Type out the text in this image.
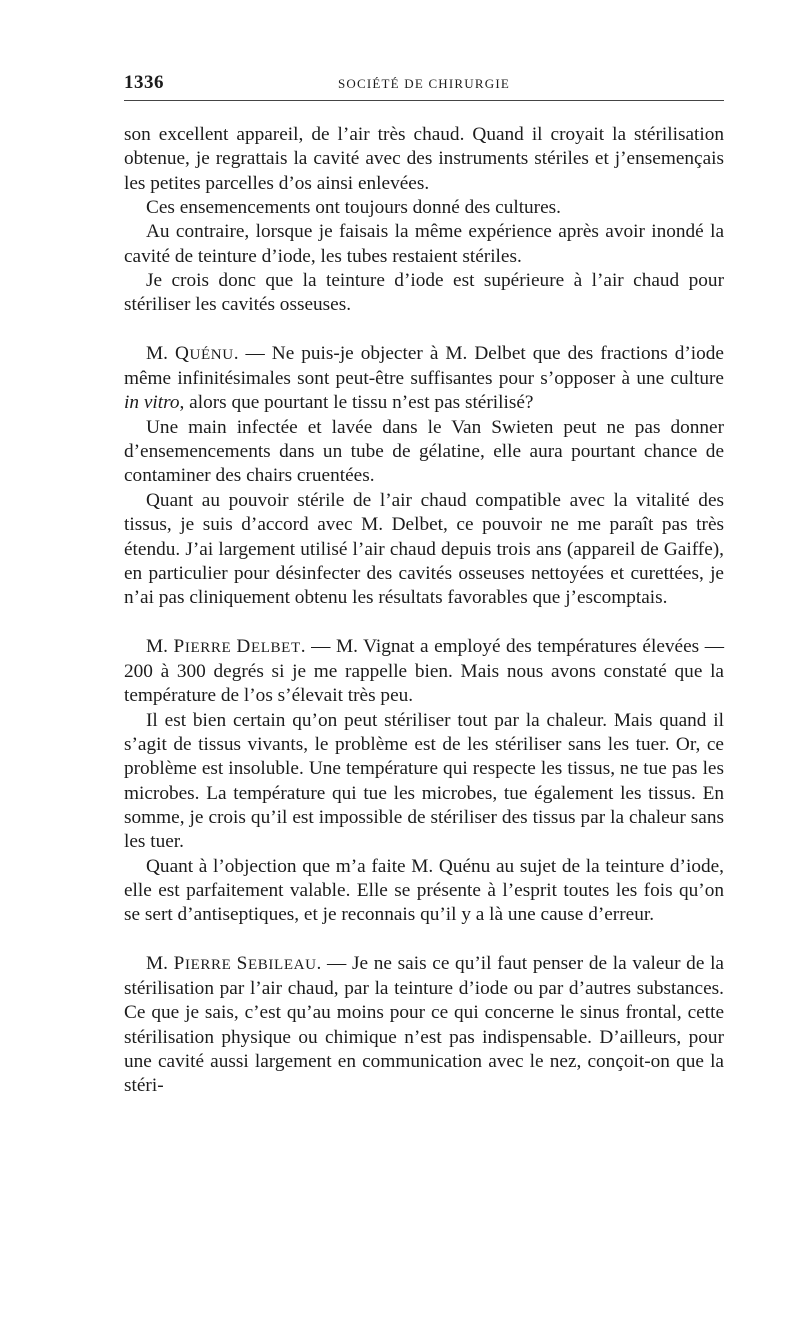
1336	SOCIÉTÉ DE CHIRURGIE

son excellent appareil, de l’air très chaud. Quand il croyait la stérilisation obtenue, je regrattais la cavité avec des instruments stériles et j’ensemençais les petites parcelles d’os ainsi enlevées.

Ces ensemencements ont toujours donné des cultures.

Au contraire, lorsque je faisais la même expérience après avoir inondé la cavité de teinture d’iode, les tubes restaient stériles.

Je crois donc que la teinture d’iode est supérieure à l’air chaud pour stériliser les cavités osseuses.

M. QUÉNU. — Ne puis-je objecter à M. Delbet que des fractions d’iode même infinitésimales sont peut-être suffisantes pour s’opposer à une culture in vitro, alors que pourtant le tissu n’est pas stérilisé?

Une main infectée et lavée dans le Van Swieten peut ne pas donner d’ensemencements dans un tube de gélatine, elle aura pourtant chance de contaminer des chairs cruentées.

Quant au pouvoir stérile de l’air chaud compatible avec la vitalité des tissus, je suis d’accord avec M. Delbet, ce pouvoir ne me paraît pas très étendu. J’ai largement utilisé l’air chaud depuis trois ans (appareil de Gaiffe), en particulier pour désinfecter des cavités osseuses nettoyées et curettées, je n’ai pas cliniquement obtenu les résultats favorables que j’escomptais.

M. PIERRE DELBET. — M. Vignat a employé des températures élevées — 200 à 300 degrés si je me rappelle bien. Mais nous avons constaté que la température de l’os s’élevait très peu.

Il est bien certain qu’on peut stériliser tout par la chaleur. Mais quand il s’agit de tissus vivants, le problème est de les stériliser sans les tuer. Or, ce problème est insoluble. Une température qui respecte les tissus, ne tue pas les microbes. La température qui tue les microbes, tue également les tissus. En somme, je crois qu’il est impossible de stériliser des tissus par la chaleur sans les tuer.

Quant à l’objection que m’a faite M. Quénu au sujet de la teinture d’iode, elle est parfaitement valable. Elle se présente à l’esprit toutes les fois qu’on se sert d’antiseptiques, et je reconnais qu’il y a là une cause d’erreur.

M. PIERRE SEBILEAU. — Je ne sais ce qu’il faut penser de la valeur de la stérilisation par l’air chaud, par la teinture d’iode ou par d’autres substances. Ce que je sais, c’est qu’au moins pour ce qui concerne le sinus frontal, cette stérilisation physique ou chimique n’est pas indispensable. D’ailleurs, pour une cavité aussi largement en communication avec le nez, conçoit-on que la stéri-
